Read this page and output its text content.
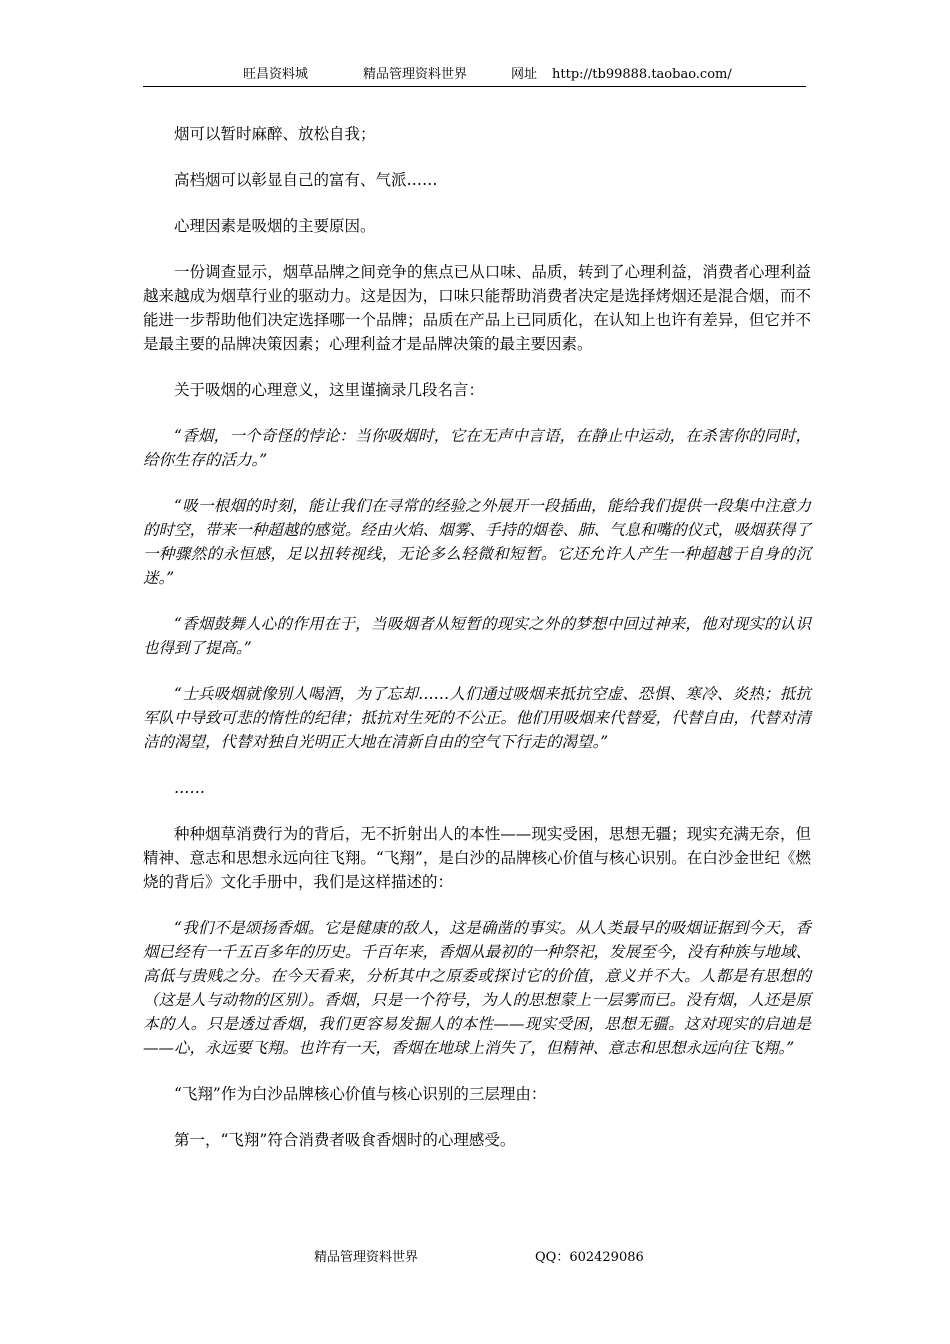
旺昌资料城	精品管理资料世界	网址 http://tb99888.taobao.com/

烟可以暂时麻醉、放松自我；

高档烟可以彰显自己的富有、气派……

心理因素是吸烟的主要原因。

一份调查显示，烟草品牌之间竞争的焦点已从口味、品质，转到了心理利益，消费者心理利益越来越成为烟草行业的驱动力。这是因为，口味只能帮助消费者决定是选择烤烟还是混合烟，而不能进一步帮助他们决定选择哪一个品牌；品质在产品上已同质化，在认知上也许有差异，但它并不是最主要的品牌决策因素；心理利益才是品牌决策的最主要因素。

关于吸烟的心理意义，这里谨摘录几段名言：

“香烟，一个奇怪的悖论：当你吸烟时，它在无声中言语，在静止中运动，在杀害你的同时，给你生存的活力。”

“吸一根烟的时刻，能让我们在寻常的经验之外展开一段插曲，能给我们提供一段集中注意力的时空，带来一种超越的感觉。经由火焰、烟雾、手持的烟卷、肺、气息和嘴的仪式，吸烟获得了一种骤然的永恒感，足以扭转视线，无论多么轻微和短暂。它还允许人产生一种超越于自身的沉迷。”

“香烟鼓舞人心的作用在于，当吸烟者从短暂的现实之外的梦想中回过神来，他对现实的认识也得到了提高。”

“士兵吸烟就像别人喝酒，为了忘却……人们通过吸烟来抵抗空虚、恐惧、寒冷、炎热；抵抗军队中导致可悲的惰性的纪律；抵抗对生死的不公正。他们用吸烟来代替爱，代替自由，代替对清洁的渴望，代替对独自光明正大地在清新自由的空气下行走的渴望。”

……

种种烟草消费行为的背后，无不折射出人的本性——现实受困，思想无疆；现实充满无奈，但精神、意志和思想永远向往飞翔。“飞翔”，是白沙的品牌核心价值与核心识别。在白沙金世纪《燃烧的背后》文化手册中，我们是这样描述的：

“我们不是颂扬香烟。它是健康的敌人，这是确凿的事实。从人类最早的吸烟证据到今天，香烟已经有一千五百多年的历史。千百年来，香烟从最初的一种祭祀，发展至今，没有种族与地域、高低与贵贱之分。在今天看来，分析其中之原委或探讨它的价值，意义并不大。人都是有思想的（这是人与动物的区别）。香烟，只是一个符号，为人的思想蒙上一层雾而已。没有烟，人还是原本的人。只是透过香烟，我们更容易发掘人的本性——现实受困，思想无疆。这对现实的启迪是——心，永远要飞翔。也许有一天，香烟在地球上消失了，但精神、意志和思想永远向往飞翔。”

“飞翔”作为白沙品牌核心价值与核心识别的三层理由：

第一，“飞翔”符合消费者吸食香烟时的心理感受。

精品管理资料世界	QQ：602429086
